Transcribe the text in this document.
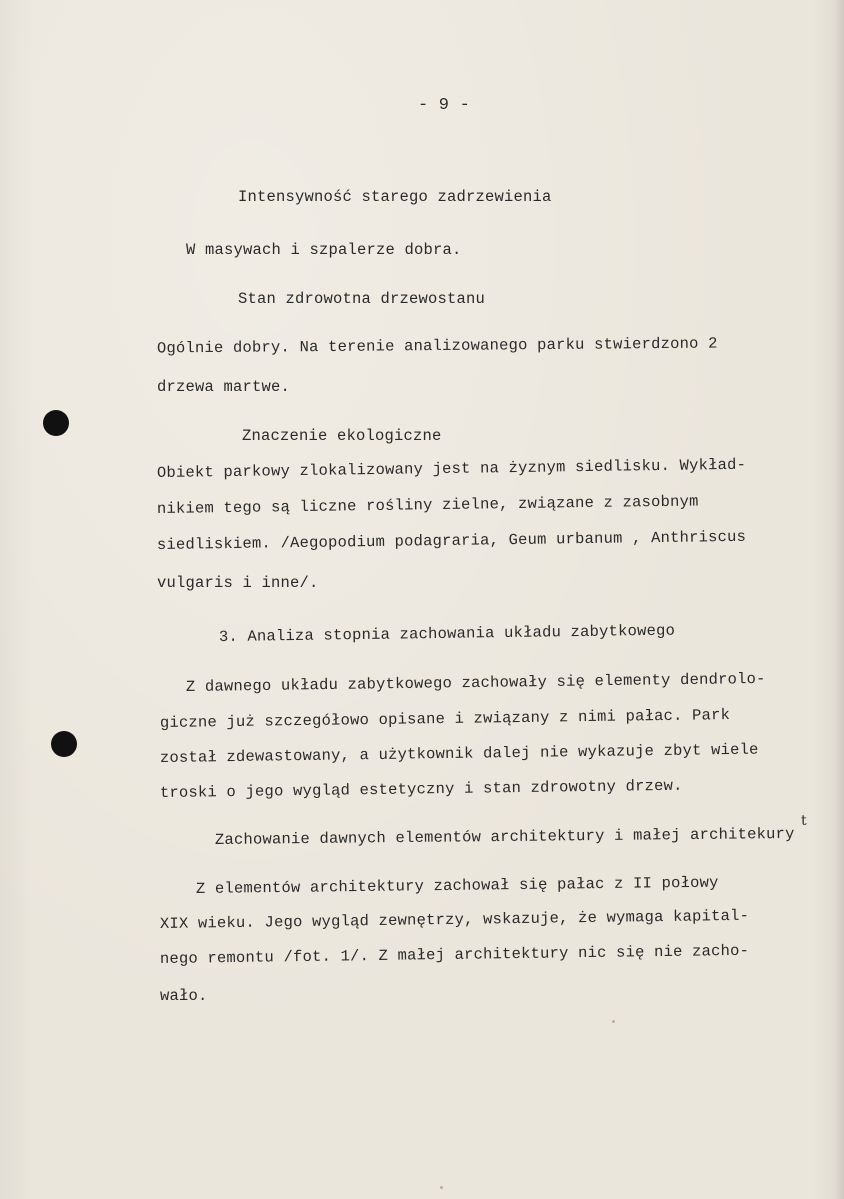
- 9 -
Intensywność starego zadrzewienia
W masywach i szpalerze dobra.
Stan zdrowotna drzewostanu
Ogólnie dobry. Na terenie analizowanego parku stwierdzono 2
drzewa martwe.
Znaczenie ekologiczne
Obiekt parkowy zlokalizowany jest na żyznym siedlisku. Wykład-
nikiem tego są liczne rośliny zielne, związane z zasobnym
siedliskiem. /Aegopodium podagraria, Geum urbanum , Anthriscus
vulgaris i inne/.
3. Analiza stopnia zachowania układu zabytkowego
Z dawnego układu zabytkowego zachowały się elementy dendrolo-
giczne już szczegółowo opisane i związany z nimi pałac. Park
został zdewastowany, a użytkownik dalej nie wykazuje zbyt wiele
troski o jego wygląd estetyczny i stan zdrowotny drzew.
Zachowanie dawnych elementów architektury i małej architekury
t
Z elementów architektury zachował się pałac z II połowy
XIX wieku. Jego wygląd zewnętrzy, wskazuje, że wymaga kapital-
nego remontu /fot. 1/. Z małej architektury nic się nie zacho-
wało.
